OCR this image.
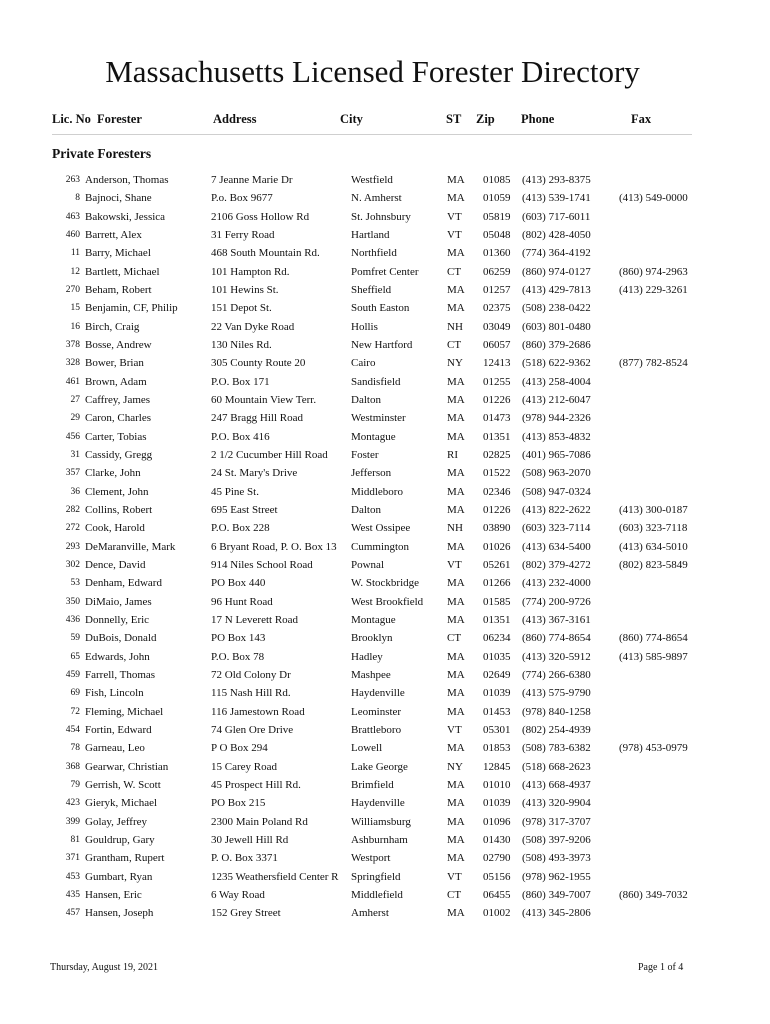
Massachusetts Licensed Forester Directory
Lic. No Forester	Address	City	ST Zip Phone	Fax
Private Foresters
263 Anderson, Thomas	7 Jeanne Marie Dr	Westfield	MA 01085 (413) 293-8375
8 Bajnoci, Shane	P.o. Box 9677	N. Amherst	MA 01059 (413) 539-1741	(413) 549-0000
463 Bakowski, Jessica	2106 Goss Hollow Rd	St. Johnsbury	VT 05819 (603) 717-6011
460 Barrett, Alex	31 Ferry Road	Hartland	VT 05048 (802) 428-4050
11 Barry, Michael	468 South Mountain Rd.	Northfield	MA 01360 (774) 364-4192
12 Bartlett, Michael	101 Hampton Rd.	Pomfret Center	CT 06259 (860) 974-0127	(860) 974-2963
270 Beham, Robert	101 Hewins St.	Sheffield	MA 01257 (413) 429-7813	(413) 229-3261
15 Benjamin, CF, Philip	151 Depot St.	South Easton	MA 02375 (508) 238-0422
16 Birch, Craig	22 Van Dyke Road	Hollis	NH 03049 (603) 801-0480
378 Bosse, Andrew	130 Niles Rd.	New Hartford	CT 06057 (860) 379-2686
328 Bower, Brian	305 County Route 20	Cairo	NY 12413 (518) 622-9362	(877) 782-8524
461 Brown, Adam	P.O. Box 171	Sandisfield	MA 01255 (413) 258-4004
27 Caffrey, James	60 Mountain View Terr.	Dalton	MA 01226 (413) 212-6047
29 Caron, Charles	247 Bragg Hill Road	Westminster	MA 01473 (978) 944-2326
456 Carter, Tobias	P.O. Box 416	Montague	MA 01351 (413) 853-4832
31 Cassidy, Gregg	2 1/2 Cucumber Hill Road Foster	RI 02825 (401) 965-7086
357 Clarke, John	24 St. Mary's Drive	Jefferson	MA 01522 (508) 963-2070
36 Clement, John	45 Pine St.	Middleboro	MA 02346 (508) 947-0324
282 Collins, Robert	695 East Street	Dalton	MA 01226 (413) 822-2622	(413) 300-0187
272 Cook, Harold	P.O. Box 228	West Ossipee	NH 03890 (603) 323-7114	(603) 323-7118
293 DeMaranville, Mark	6 Bryant Road, P. O. Box 13 Cummington	MA 01026 (413) 634-5400	(413) 634-5010
302 Dence, David	914 Niles School Road	Pownal	VT 05261 (802) 379-4272	(802) 823-5849
53 Denham, Edward	PO Box 440	W. Stockbridge	MA 01266 (413) 232-4000
350 DiMaio, James	96 Hunt Road	West Brookfield MA 01585 (774) 200-9726
436 Donnelly, Eric	17 N Leverett Road	Montague	MA 01351 (413) 367-3161
59 DuBois, Donald	PO Box 143	Brooklyn	CT 06234 (860) 774-8654	(860) 774-8654
65 Edwards, John	P.O. Box 78	Hadley	MA 01035 (413) 320-5912	(413) 585-9897
459 Farrell, Thomas	72 Old Colony Dr	Mashpee	MA 02649 (774) 266-6380
69 Fish, Lincoln	115 Nash Hill Rd.	Haydenville	MA 01039 (413) 575-9790
72 Fleming, Michael	116 Jamestown Road	Leominster	MA 01453 (978) 840-1258
454 Fortin, Edward	74 Glen Ore Drive	Brattleboro	VT 05301 (802) 254-4939
78 Garneau, Leo	P O Box 294	Lowell	MA 01853 (508) 783-6382	(978) 453-0979
368 Gearwar, Christian	15 Carey Road	Lake George	NY 12845 (518) 668-2623
79 Gerrish, W. Scott	45 Prospect Hill Rd.	Brimfield	MA 01010 (413) 668-4937
423 Gieryk, Michael	PO Box 215	Haydenville	MA 01039 (413) 320-9904
399 Golay, Jeffrey	2300 Main Poland Rd	Williamsburg	MA 01096 (978) 317-3707
81 Gouldrup, Gary	30 Jewell Hill Rd	Ashburnham	MA 01430 (508) 397-9206
371 Grantham, Rupert	P. O. Box 3371	Westport	MA 02790 (508) 493-3973
453 Gumbart, Ryan	1235 Weathersfield Center R Springfield	VT 05156 (978) 962-1955
435 Hansen, Eric	6 Way Road	Middlefield	CT 06455 (860) 349-7007	(860) 349-7032
457 Hansen, Joseph	152 Grey Street	Amherst	MA 01002 (413) 345-2806
Thursday, August 19, 2021	Page 1 of 4
